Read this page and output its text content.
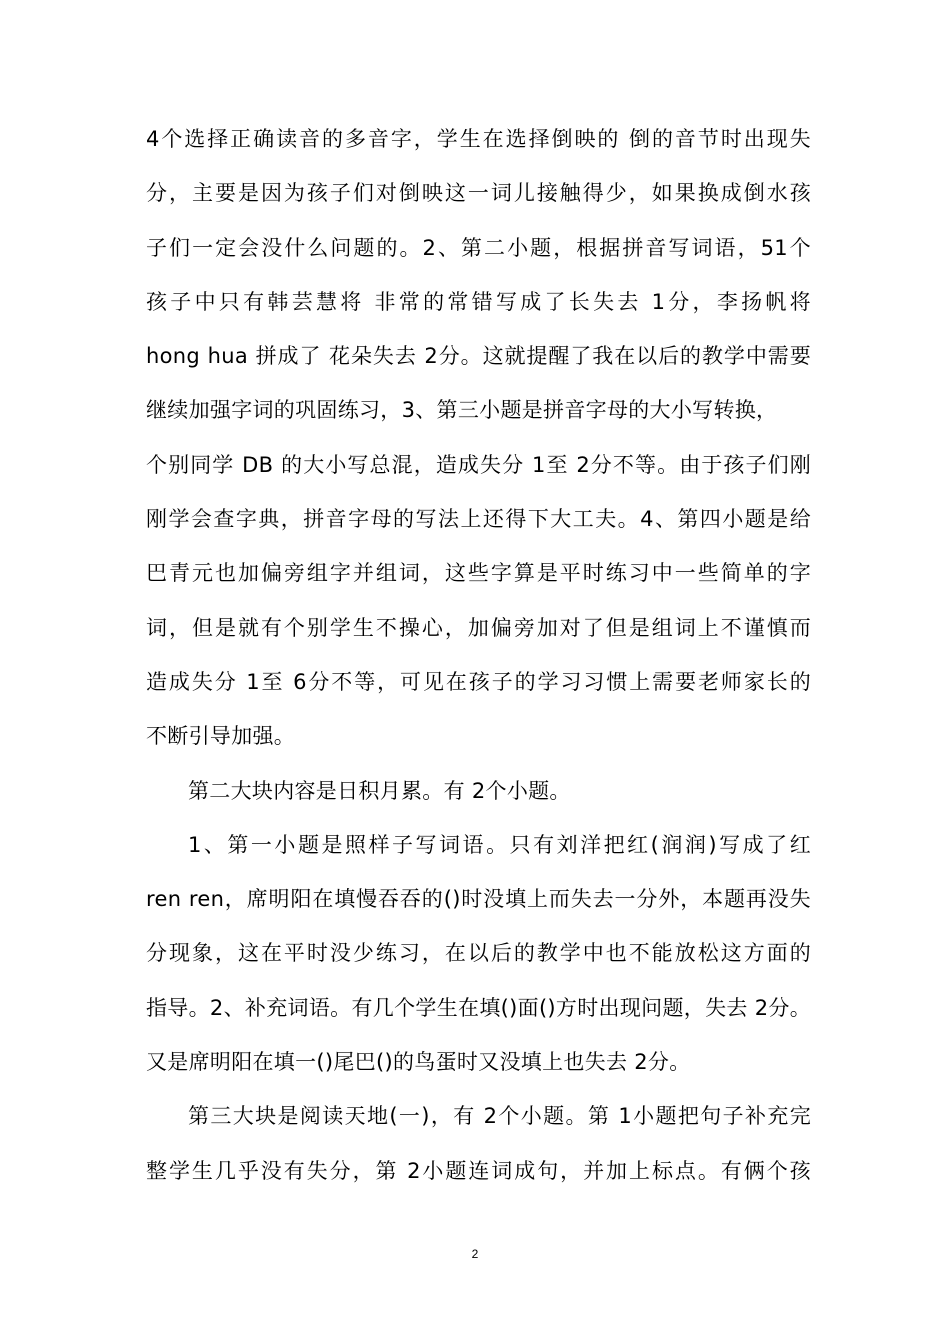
4个选择正确读音的多音字，学生在选择倒映的 倒的音节时出现失
分，主要是因为孩子们对倒映这一词儿接触得少，如果换成倒水孩
子们一定会没什么问题的。2、第二小题，根据拼音写词语，51个
孩子中只有韩芸慧将 非常的常错写成了长失去 1分，李扬帆将
hong hua 拼成了 花朵失去 2分。这就提醒了我在以后的教学中需要
继续加强字词的巩固练习，3、第三小题是拼音字母的大小写转换，
个别同学 DB 的大小写总混，造成失分 1至 2分不等。由于孩子们刚
刚学会查字典，拼音字母的写法上还得下大工夫。4、第四小题是给
巴青元也加偏旁组字并组词，这些字算是平时练习中一些简单的字
词，但是就有个别学生不操心，加偏旁加对了但是组词上不谨慎而
造成失分 1至 6分不等，可见在孩子的学习习惯上需要老师家长的
不断引导加强。
第二大块内容是日积月累。有 2个小题。
1、第一小题是照样子写词语。只有刘洋把红(润润)写成了红
ren ren，席明阳在填慢吞吞的()时没填上而失去一分外，本题再没失
分现象，这在平时没少练习，在以后的教学中也不能放松这方面的
指导。2、补充词语。有几个学生在填()面()方时出现问题，失去 2分。
又是席明阳在填一()尾巴()的鸟蛋时又没填上也失去 2分。
第三大块是阅读天地(一)，有 2个小题。第 1小题把句子补充完
整学生几乎没有失分，第 2小题连词成句，并加上标点。有俩个孩
2
